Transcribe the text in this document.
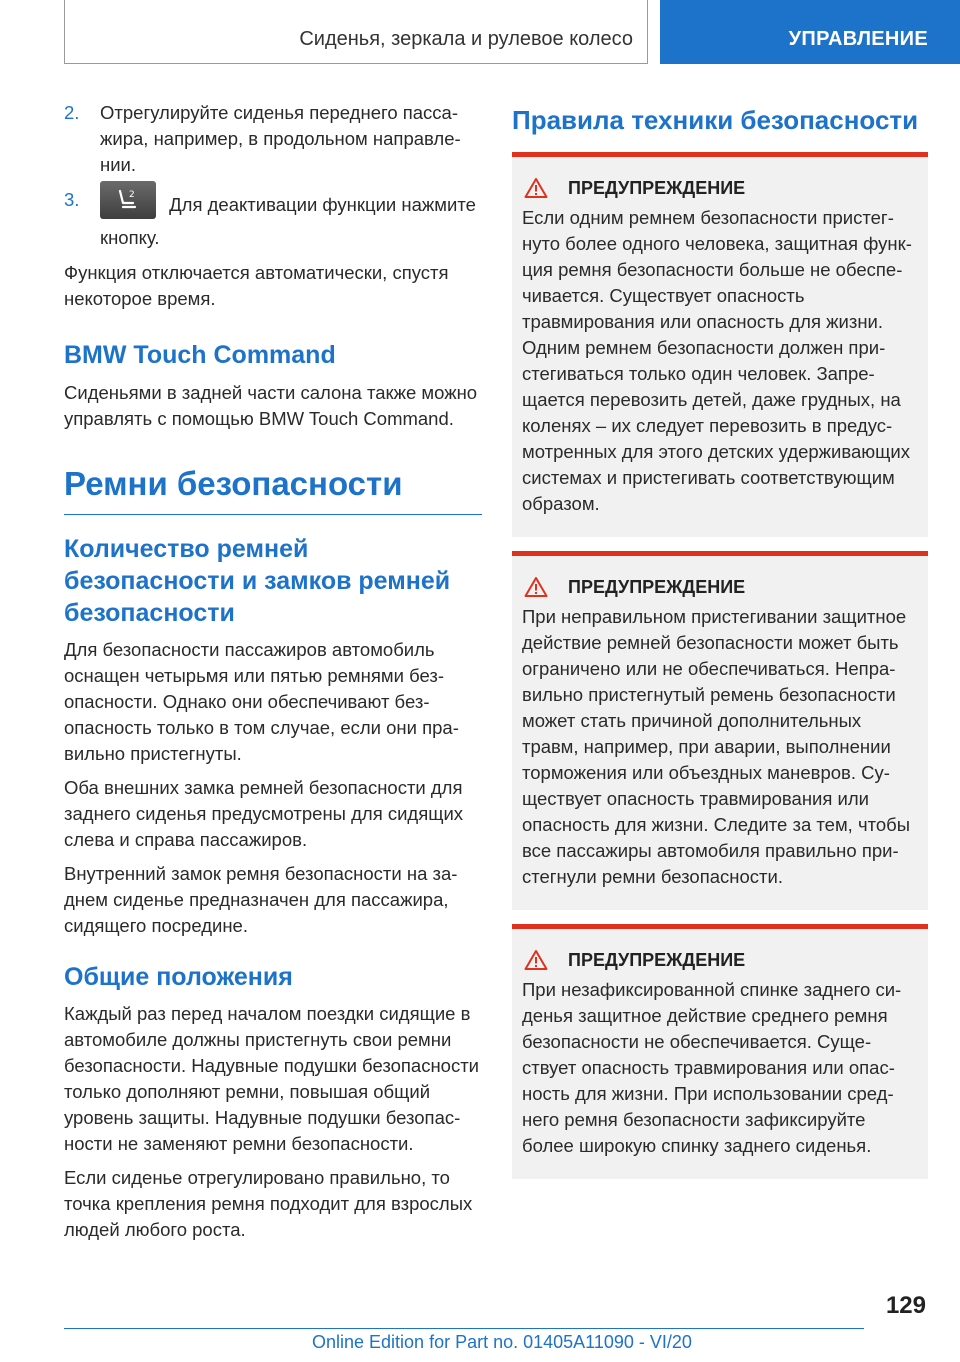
Сиденья, зеркала и рулевое колесо	УПРАВЛЕНИЕ
2. Отрегулируйте сиденья переднего пассажира, например, в продольном направлении.
3.	2 Для деактивации функции нажмите кнопку.

Функция отключается автоматически, спустя некоторое время.

BMW Touch Command

Сиденьями в задней части салона также можно управлять с помощью BMW Touch Command.

Ремни безопасности
Количество ремней безопасности и замков ремней безопасности

Для безопасности пассажиров автомобиль оснащен четырьмя или пятью ремнями безопасности. Однако они обеспечивают безопасность только в том случае, если они правильно пристегнуты.

Оба внешних замка ремней безопасности для заднего сиденья предусмотрены для сидящих слева и справа пассажиров.

Внутренний замок ремня безопасности на заднем сиденье предназначен для пассажира, сидящего посредине.

Общие положения

Каждый раз перед началом поездки сидящие в автомобиле должны пристегнуть свои ремни безопасности. Надувные подушки безопасности только дополняют ремни, повышая общий уровень защиты. Надувные подушки безопасности не заменяют ремни безопасности.

Если сиденье отрегулировано правильно, то точка крепления ремня подходит для взрослых людей любого роста.

Правила техники безопасности
ПРЕДУПРЕЖДЕНИЕ

Если одним ремнем безопасности пристегнуто более одного человека, защитная функция ремня безопасности больше не обеспечивается. Существует опасность травмирования или опасность для жизни. Одним ремнем безопасности должен пристегиваться только один человек. Запрещается перевозить детей, даже грудных, на коленях – их следует перевозить в предусмотренных для этого детских удерживающих системах и пристегивать соответствующим образом.

ПРЕДУПРЕЖДЕНИЕ

При неправильном пристегивании защитное действие ремней безопасности может быть ограничено или не обеспечиваться. Неправильно пристегнутый ремень безопасности может стать причиной дополнительных травм, например, при аварии, выполнении торможения или объездных маневров. Существует опасность травмирования или опасность для жизни. Следите за тем, чтобы все пассажиры автомобиля правильно пристегнули ремни безопасности.

ПРЕДУПРЕЖДЕНИЕ

При незафиксированной спинке заднего сиденья защитное действие среднего ремня безопасности не обеспечивается. Существует опасность травмирования или опасность для жизни. При использовании среднего ремня безопасности зафиксируйте более широкую спинку заднего сиденья.

129
Online Edition for Part no. 01405A11090 - VI/20
